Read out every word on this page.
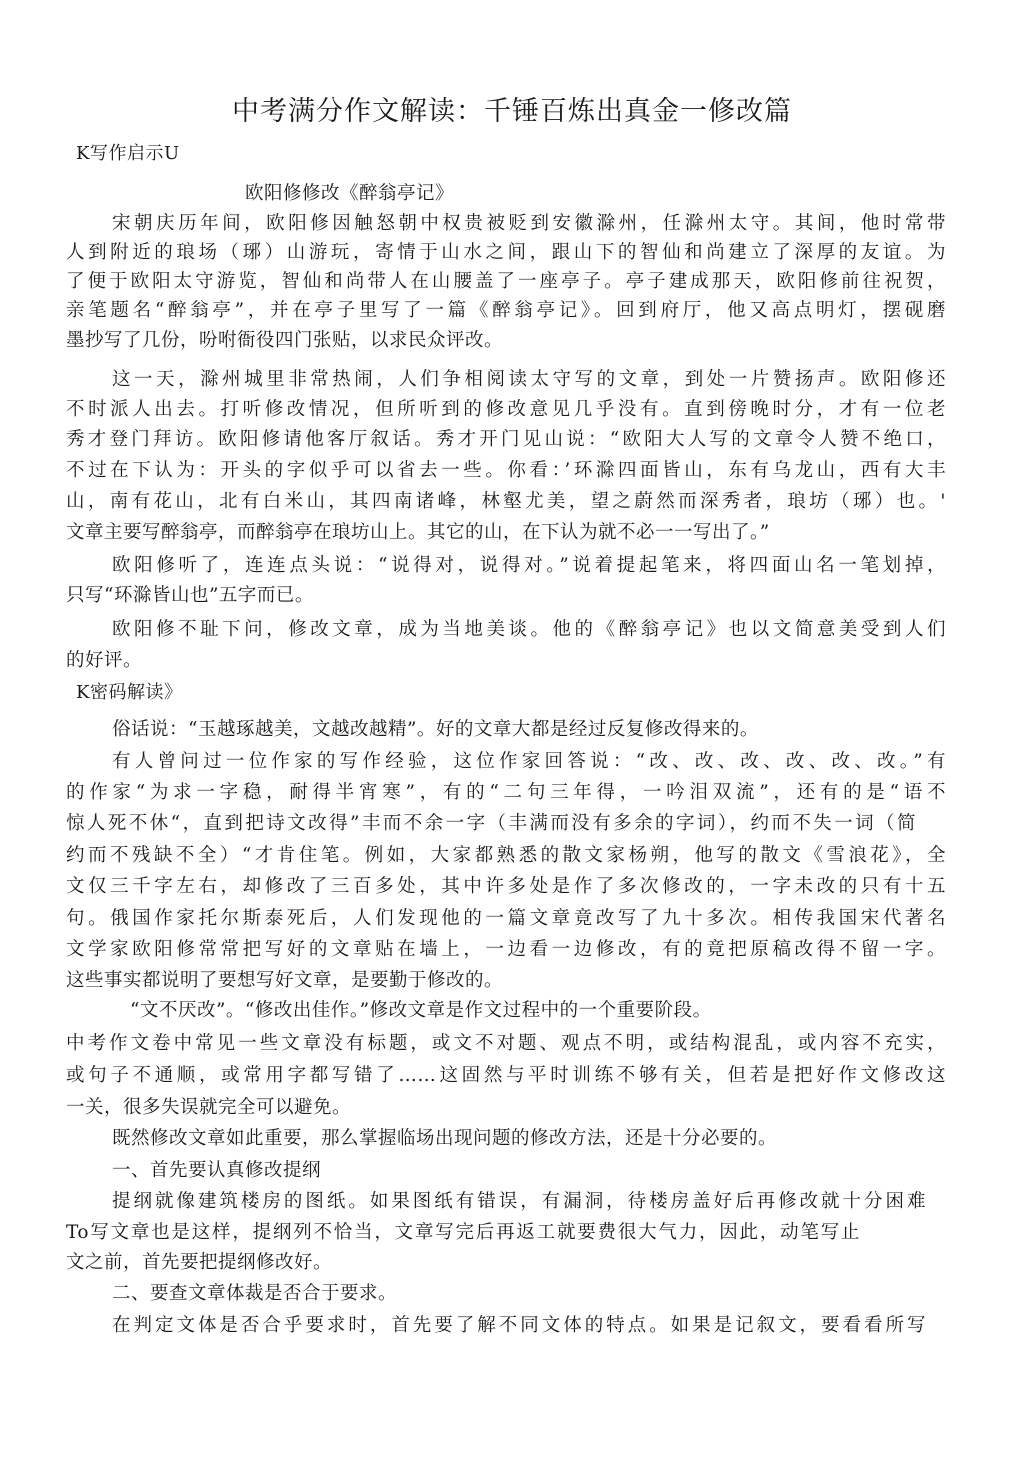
中考满分作文解读：千锤百炼出真金一修改篇
K写作启示U
欧阳修修改《醉翁亭记》
宋朝庆历年间，欧阳修因触怒朝中权贵被贬到安徽滁州，任滁州太守。其间，他时常带
人到附近的琅场（琊）山游玩，寄情于山水之间，跟山下的智仙和尚建立了深厚的友谊。为
了便于欧阳太守游览，智仙和尚带人在山腰盖了一座亭子。亭子建成那天，欧阳修前往祝贺，
亲笔题名“醉翁亭”，并在亭子里写了一篇《醉翁亭记》。回到府厅，他又高点明灯，摆砚磨
墨抄写了几份，吩咐衙役四门张贴，以求民众评改。
这一天，滁州城里非常热闹，人们争相阅读太守写的文章，到处一片赞扬声。欧阳修还
不时派人出去。打听修改情况，但所听到的修改意见几乎没有。直到傍晚时分，才有一位老
秀才登门拜访。欧阳修请他客厅叙话。秀才开门见山说：“欧阳大人写的文章令人赞不绝口，
不过在下认为：开头的字似乎可以省去一些。你看：’环滁四面皆山，东有乌龙山，西有大丰
山，南有花山，北有白米山，其四南诸峰，林壑尤美，望之蔚然而深秀者，琅坊（琊）也。'
文章主要写醉翁亭，而醉翁亭在琅坊山上。其它的山，在下认为就不必一一写出了。”
欧阳修听了，连连点头说：“说得对，说得对。”说着提起笔来，将四面山名一笔划掉，
只写“环滁皆山也”五字而已。
欧阳修不耻下问，修改文章，成为当地美谈。他的《醉翁亭记》也以文简意美受到人们
的好评。
K密码解读》
俗话说：“玉越琢越美，文越改越精”。好的文章大都是经过反复修改得来的。
有人曾问过一位作家的写作经验，这位作家回答说：“改、改、改、改、改、改。”有
的作家“为求一字稳，耐得半宵寒”，有的“二句三年得，一吟泪双流”，还有的是“语不
惊人死不休“，直到把诗文改得”丰而不余一字（丰满而没有多余的字词），约而不失一词（简
约而不残缺不全）“才肯住笔。例如，大家都熟悉的散文家杨朔，他写的散文《雪浪花》，全
文仅三千字左右，却修改了三百多处，其中许多处是作了多次修改的，一字未改的只有十五
句。俄国作家托尔斯泰死后，人们发现他的一篇文章竟改写了九十多次。相传我国宋代著名
文学家欧阳修常常把写好的文章贴在墙上，一边看一边修改，有的竟把原稿改得不留一字。
这些事实都说明了要想写好文章，是要勤于修改的。
“文不厌改”。“修改出佳作。”修改文章是作文过程中的一个重要阶段。
中考作文卷中常见一些文章没有标题，或文不对题、观点不明，或结构混乱，或内容不充实，
或句子不通顺，或常用字都写错了……这固然与平时训练不够有关，但若是把好作文修改这
一关，很多失误就完全可以避免。
既然修改文章如此重要，那么掌握临场出现问题的修改方法，还是十分必要的。
一、首先要认真修改提纲
提纲就像建筑楼房的图纸。如果图纸有错误，有漏洞，待楼房盖好后再修改就十分困难
To写文章也是这样，提纲列不恰当，文章写完后再返工就要费很大气力，因此，动笔写止
文之前，首先要把提纲修改好。
二、要查文章体裁是否合于要求。
在判定文体是否合乎要求时，首先要了解不同文体的特点。如果是记叙文，要看看所写
